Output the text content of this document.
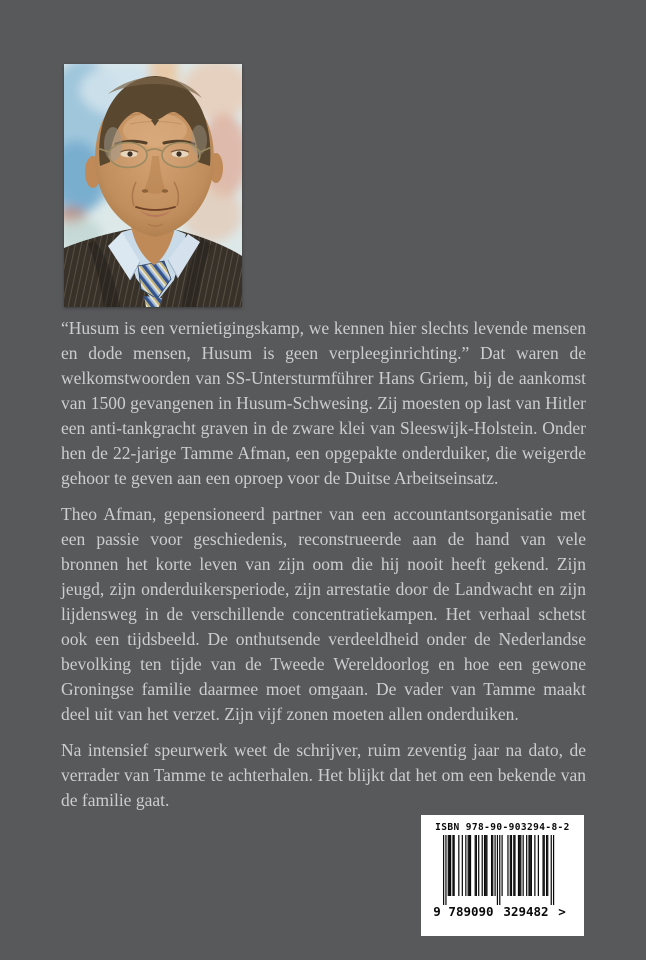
“Husum is een vernietigingskamp, we kennen hier slechts levende mensen en dode mensen, Husum is geen verpleeginrichting.” Dat waren de welkomstwoorden van SS-Untersturmführer Hans Griem, bij de aankomst van 1500 gevangenen in Husum-Schwesing. Zij moesten op last van Hitler een anti-tankgracht graven in de zware klei van Sleeswijk-Holstein. Onder hen de 22-jarige Tamme Afman, een opgepakte onderduiker, die weigerde gehoor te geven aan een oproep voor de Duitse Arbeitseinsatz.

Theo Afman, gepensioneerd partner van een accountantsorganisatie met een passie voor geschiedenis, reconstrueerde aan de hand van vele bronnen het korte leven van zijn oom die hij nooit heeft gekend. Zijn jeugd, zijn onderduikersperiode, zijn arrestatie door de Landwacht en zijn lijdensweg in de verschillende concentratiekampen. Het verhaal schetst ook een tijdsbeeld. De onthutsende verdeeldheid onder de Nederlandse bevolking ten tijde van de Tweede Wereldoorlog en hoe een gewone Groningse familie daarmee moet omgaan. De vader van Tamme maakt deel uit van het verzet. Zijn vijf zonen moeten allen onderduiken.

Na intensief speurwerk weet de schrijver, ruim zeventig jaar na dato, de verrader van Tamme te achterhalen. Het blijkt dat het om een bekende van de familie gaat.

ISBN 978-90-903294-8-2
9 789090 329482 >
